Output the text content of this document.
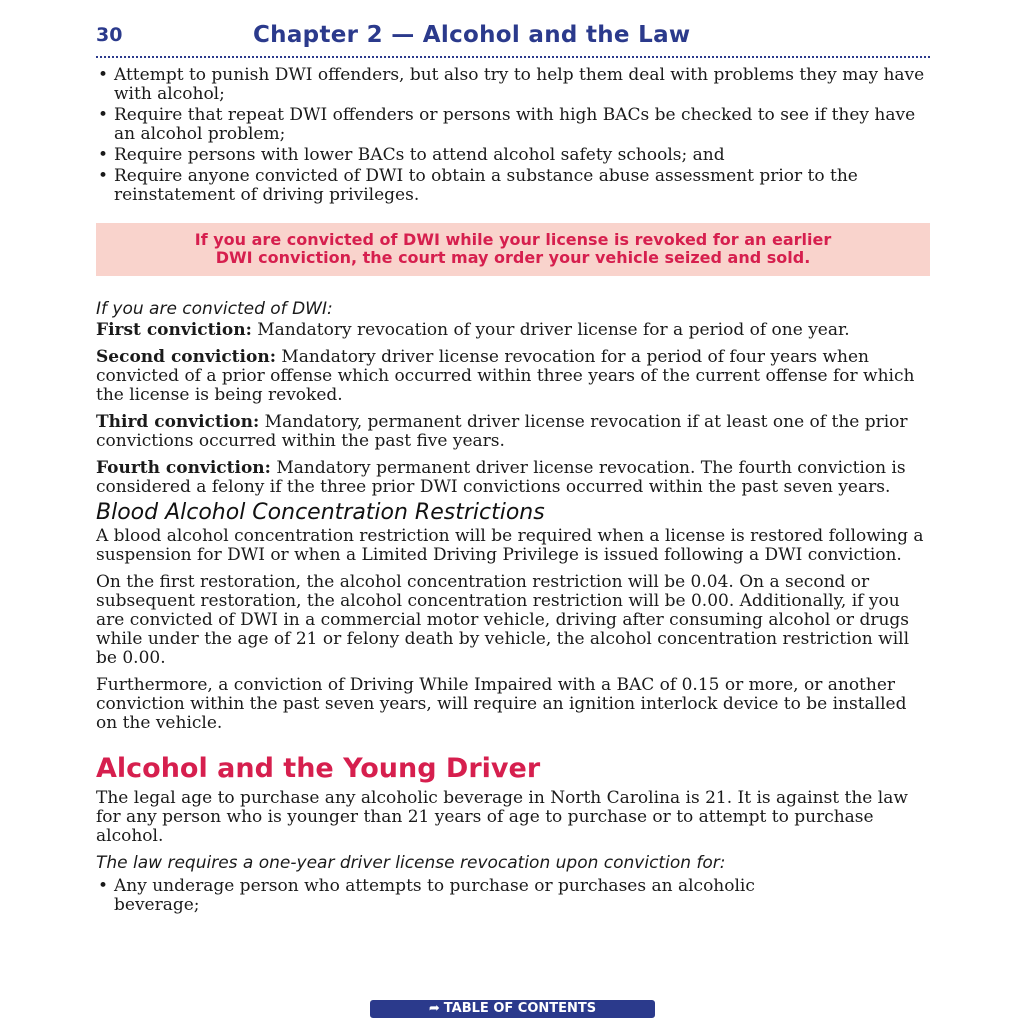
30	Chapter 2 — Alcohol and the Law
• Attempt to punish DWI offenders, but also try to help them deal with problems they may have with alcohol;
• Require that repeat DWI offenders or persons with high BACs be checked to see if they have an alcohol problem;
• Require persons with lower BACs to attend alcohol safety schools; and
• Require anyone convicted of DWI to obtain a substance abuse assessment prior to the reinstatement of driving privileges.
If you are convicted of DWI while your license is revoked for an earlier
DWI conviction, the court may order your vehicle seized and sold.
If you are convicted of DWI:

First conviction: Mandatory revocation of your driver license for a period of one year.

Second conviction: Mandatory driver license revocation for a period of four years when convicted of a prior offense which occurred within three years of the current offense for which the license is being revoked.

Third conviction: Mandatory, permanent driver license revocation if at least one of the prior convictions occurred within the past five years.

Fourth conviction: Mandatory permanent driver license revocation. The fourth conviction is considered a felony if the three prior DWI convictions occurred within the past seven years.

Blood Alcohol Concentration Restrictions

A blood alcohol concentration restriction will be required when a license is restored following a suspension for DWI or when a Limited Driving Privilege is issued following a DWI conviction.

On the first restoration, the alcohol concentration restriction will be 0.04. On a second or subsequent restoration, the alcohol concentration restriction will be 0.00. Additionally, if you are convicted of DWI in a commercial motor vehicle, driving after consuming alcohol or drugs while under the age of 21 or felony death by vehicle, the alcohol concentration restriction will be 0.00.

Furthermore, a conviction of Driving While Impaired with a BAC of 0.15 or more, or another conviction within the past seven years, will require an ignition interlock device to be installed on the vehicle.

Alcohol and the Young Driver

The legal age to purchase any alcoholic beverage in North Carolina is 21. It is against the law for any person who is younger than 21 years of age to purchase or to attempt to purchase alcohol.

The law requires a one-year driver license revocation upon conviction for:
• Any underage person who attempts to purchase or purchases an alcoholic beverage;
➦ TABLE OF CONTENTS
